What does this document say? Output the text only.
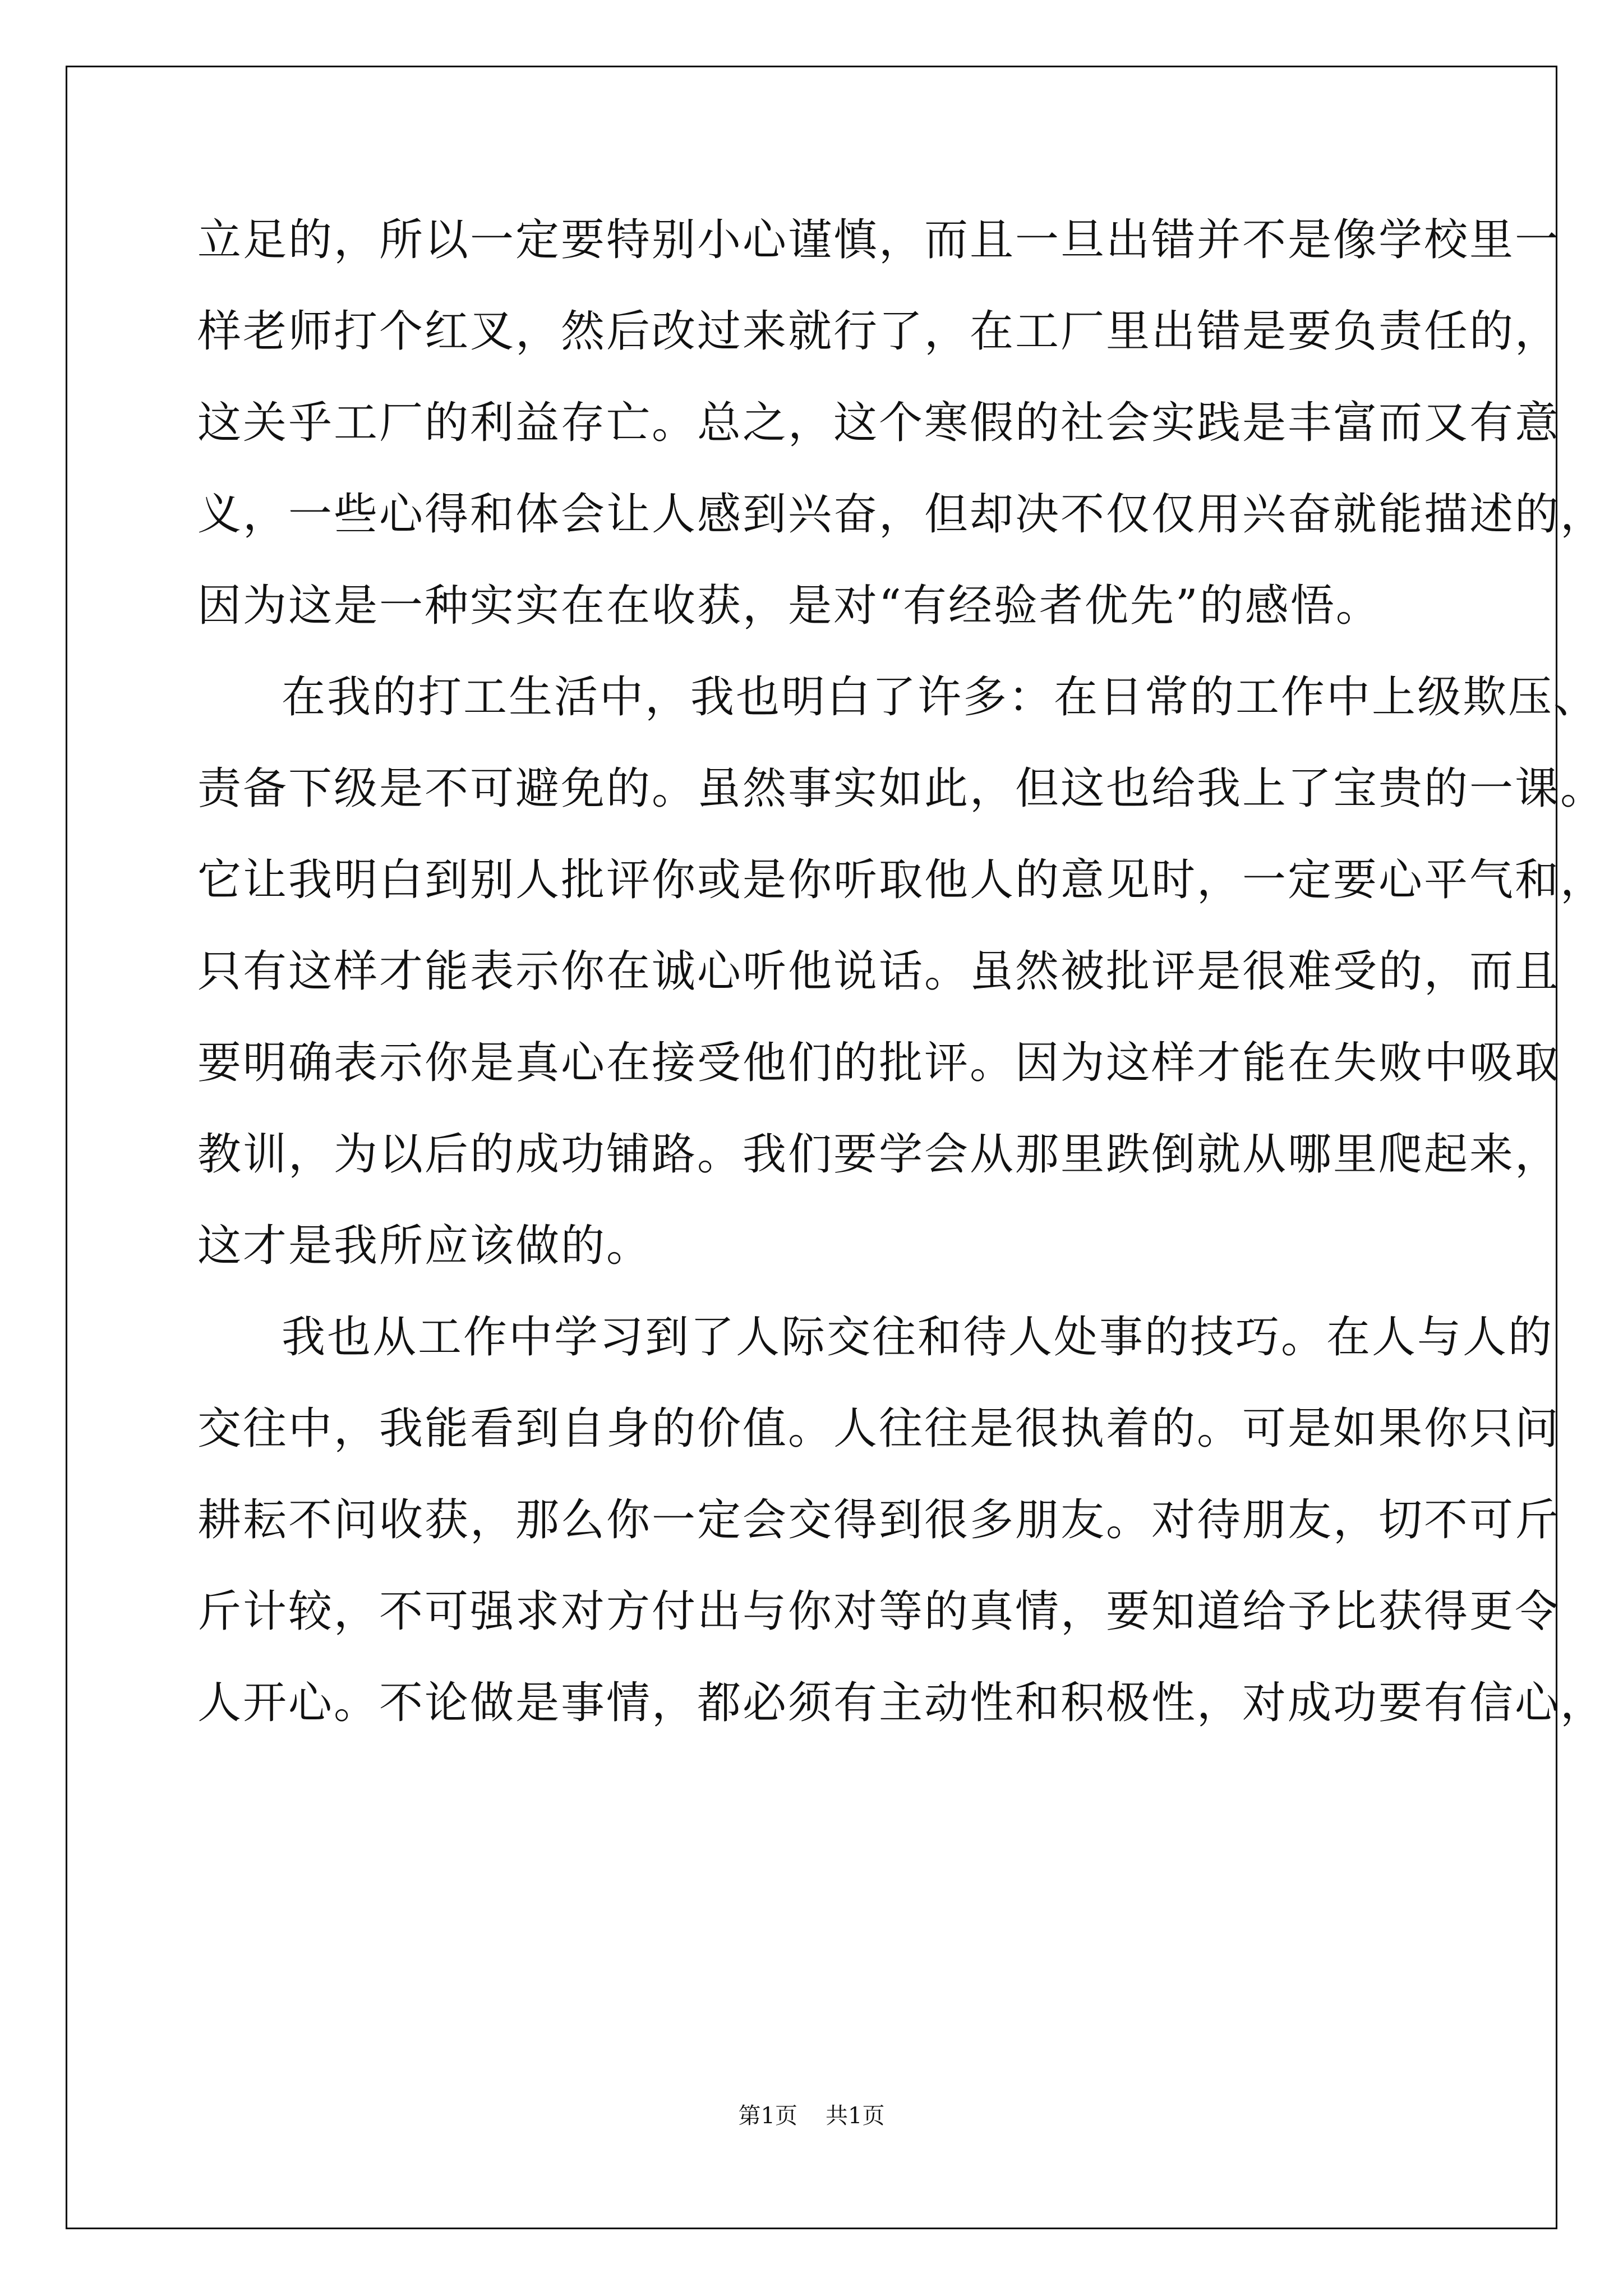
立足的，所以一定要特别小心谨慎，而且一旦出错并不是像学校里一
样老师打个红叉，然后改过来就行了，在工厂里出错是要负责任的，
这关乎工厂的利益存亡。总之，这个寒假的社会实践是丰富而又有意
义，一些心得和体会让人感到兴奋，但却决不仅仅用兴奋就能描述的，
因为这是一种实实在在收获，是对“有经验者优先”的感悟。
在我的打工生活中，我也明白了许多：在日常的工作中上级欺压、
责备下级是不可避免的。虽然事实如此，但这也给我上了宝贵的一课。
它让我明白到别人批评你或是你听取他人的意见时，一定要心平气和，
只有这样才能表示你在诚心听他说话。虽然被批评是很难受的，而且
要明确表示你是真心在接受他们的批评。因为这样才能在失败中吸取
教训，为以后的成功铺路。我们要学会从那里跌倒就从哪里爬起来，
这才是我所应该做的。
我也从工作中学习到了人际交往和待人处事的技巧。在人与人的
交往中，我能看到自身的价值。人往往是很执着的。可是如果你只问
耕耘不问收获，那么你一定会交得到很多朋友。对待朋友，切不可斤
斤计较，不可强求对方付出与你对等的真情，要知道给予比获得更令
人开心。不论做是事情，都必须有主动性和积极性，对成功要有信心，
第1页 共1页
